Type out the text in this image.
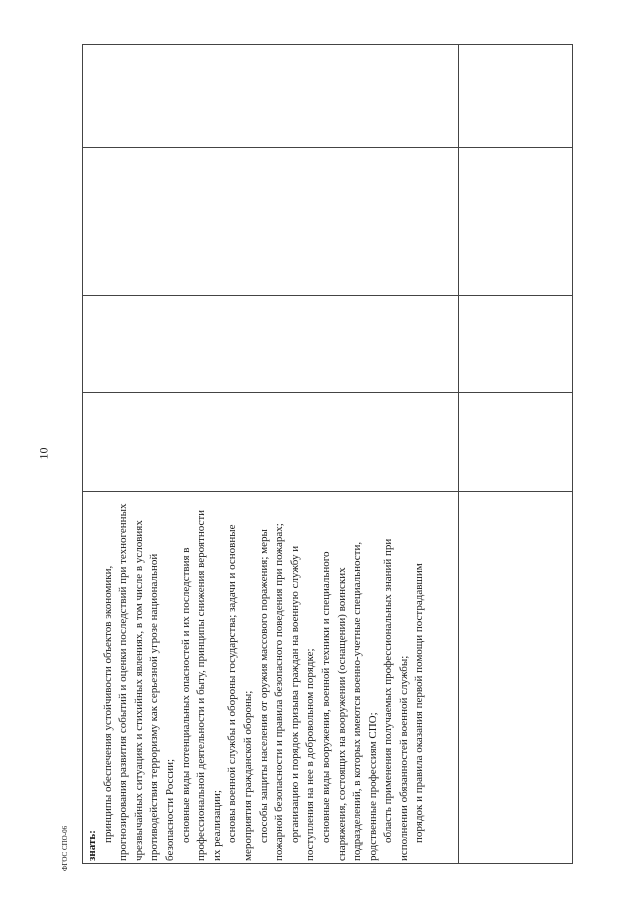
10
ФГОС СПО-06 знать:

принципы обеспечения устойчивости объектов экономики, прогнозирования развития событий и оценки последствий при техногенных чрезвычайных ситуациях и стихийных явлениях, в том числе в условиях противодействия терроризму как серьезной угрозе национальной безопасности России; основные виды потенциальных опасностей и их последствия в профессиональной деятельности и быту, принципы снижения вероятности их реализации; основы военной службы и обороны государства; задачи и основные мероприятия гражданской обороны; способы защиты населения от оружия массового поражения; меры пожарной безопасности и правила безопасного поведения при пожарах; организацию и порядок призыва граждан на военную службу и поступления на нее в добровольном порядке; основные виды вооружения, военной техники и специального снаряжения, состоящих на вооружении (оснащении) воинских подразделений, в которых имеются военно-учетные специальности, родственные профессиям СПО; область применения получаемых профессиональных знаний при исполнении обязанностей военной службы; порядок и правила оказания первой помощи пострадавшим
